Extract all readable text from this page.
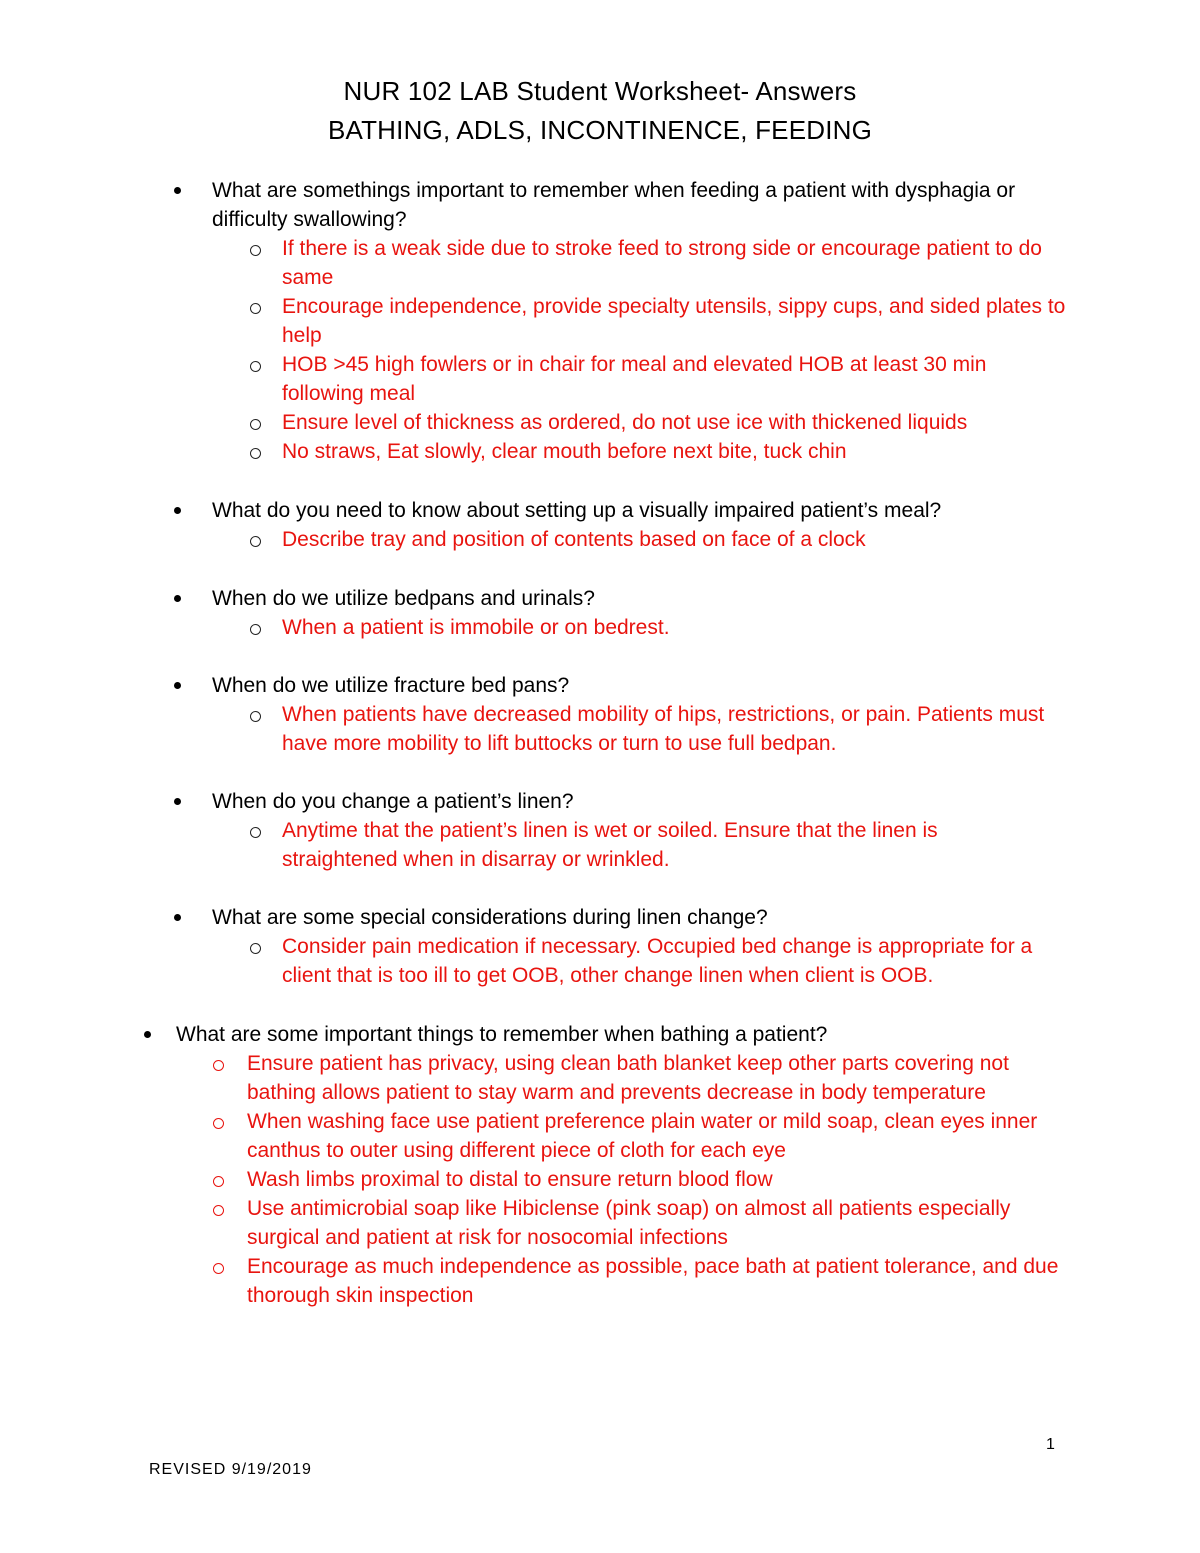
NUR 102 LAB Student Worksheet- Answers
BATHING, ADLS, INCONTINENCE, FEEDING
What are somethings important to remember when feeding a patient with dysphagia or difficulty swallowing?
If there is a weak side due to stroke feed to strong side or encourage patient to do same
Encourage independence, provide specialty utensils, sippy cups, and sided plates to help
HOB >45 high fowlers or in chair for meal and elevated HOB at least 30 min following meal
Ensure level of thickness as ordered, do not use ice with thickened liquids
No straws, Eat slowly, clear mouth before next bite, tuck chin
What do you need to know about setting up a visually impaired patient’s meal?
Describe tray and position of contents based on face of a clock
When do we utilize bedpans and urinals?
When a patient is immobile or on bedrest.
When do we utilize fracture bed pans?
When patients have decreased mobility of hips, restrictions, or pain. Patients must have more mobility to lift buttocks or turn to use full bedpan.
When do you change a patient’s linen?
Anytime that the patient’s linen is wet or soiled. Ensure that the linen is straightened when in disarray or wrinkled.
What are some special considerations during linen change?
Consider pain medication if necessary. Occupied bed change is appropriate for a client that is too ill to get OOB, other change linen when client is OOB.
What are some important things to remember when bathing a patient?
Ensure patient has privacy, using clean bath blanket keep other parts covering not bathing allows patient to stay warm and prevents decrease in body temperature
When washing face use patient preference plain water or mild soap, clean eyes inner canthus to outer using different piece of cloth for each eye
Wash limbs proximal to distal to ensure return blood flow
Use antimicrobial soap like Hibiclense (pink soap) on almost all patients especially surgical and patient at risk for nosocomial infections
Encourage as much independence as possible, pace bath at patient tolerance, and due thorough skin inspection
1
REVISED 9/19/2019
